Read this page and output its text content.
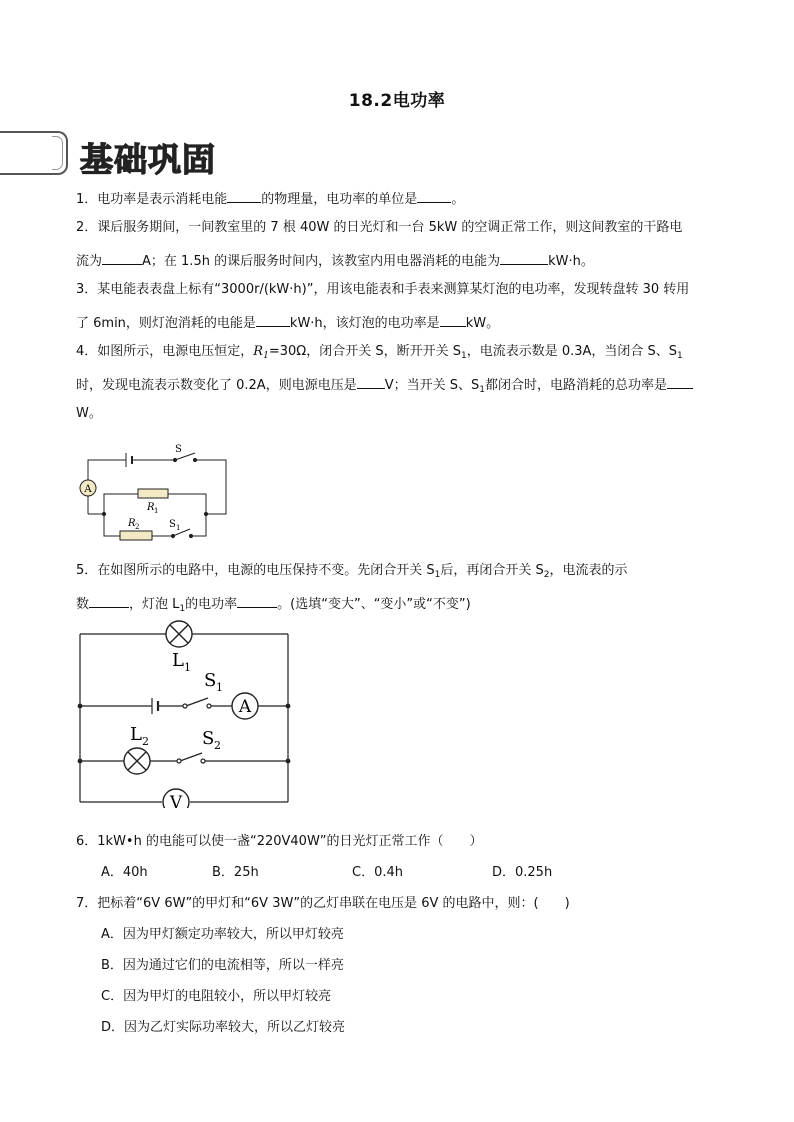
18.2电功率
基础巩固
1．电功率是表示消耗电能	的物理量，电功率的单位是	。
2．课后服务期间，一间教室里的 7 根 40W 的日光灯和一台 5kW 的空调正常工作，则这间教室的干路电
流为	A；在 1.5h 的课后服务时间内，该教室内用电器消耗的电能为	kW·h。
3．某电能表表盘上标有“3000r/(kW·h)”，用该电能表和手表来测算某灯泡的电功率，发现转盘转 30 转用
了 6min，则灯泡消耗的电能是	kW·h，该灯泡的电功率是 kW。
4．如图所示，电源电压恒定，$R_1=30\Omega$，闭合开关 S，断开开关 $S_1$，电流表示数是 0.3A，当闭合 S、$S_1$
时，发现电流表示数变化了 0.2A，则电源电压是 V；当开关 S、$S_1$都闭合时，电路消耗的总功率是
W。
A
S
R 1
R 2	S 1
5．在如图所示的电路中，电源的电压保持不变。先闭合开关 $S_1$后，再闭合开关 $S_2$，电流表的示
数	，灯泡 $L_1$的电功率	。(选填“变大”、“变小”或“不变”)
A
V
L 1
S 1
L 2	S 2
6．1kW•h 的电能可以使一盏“220V40W”的日光灯正常工作（　　）
A．40h	B．25h	C．0.4h	D．0.25h
7．把标着“6V 6W”的甲灯和“6V 3W”的乙灯串联在电压是 6V 的电路中，则：(　　)
A．因为甲灯额定功率较大，所以甲灯较亮
B．因为通过它们的电流相等，所以一样亮
C．因为甲灯的电阻较小，所以甲灯较亮
D．因为乙灯实际功率较大，所以乙灯较亮
